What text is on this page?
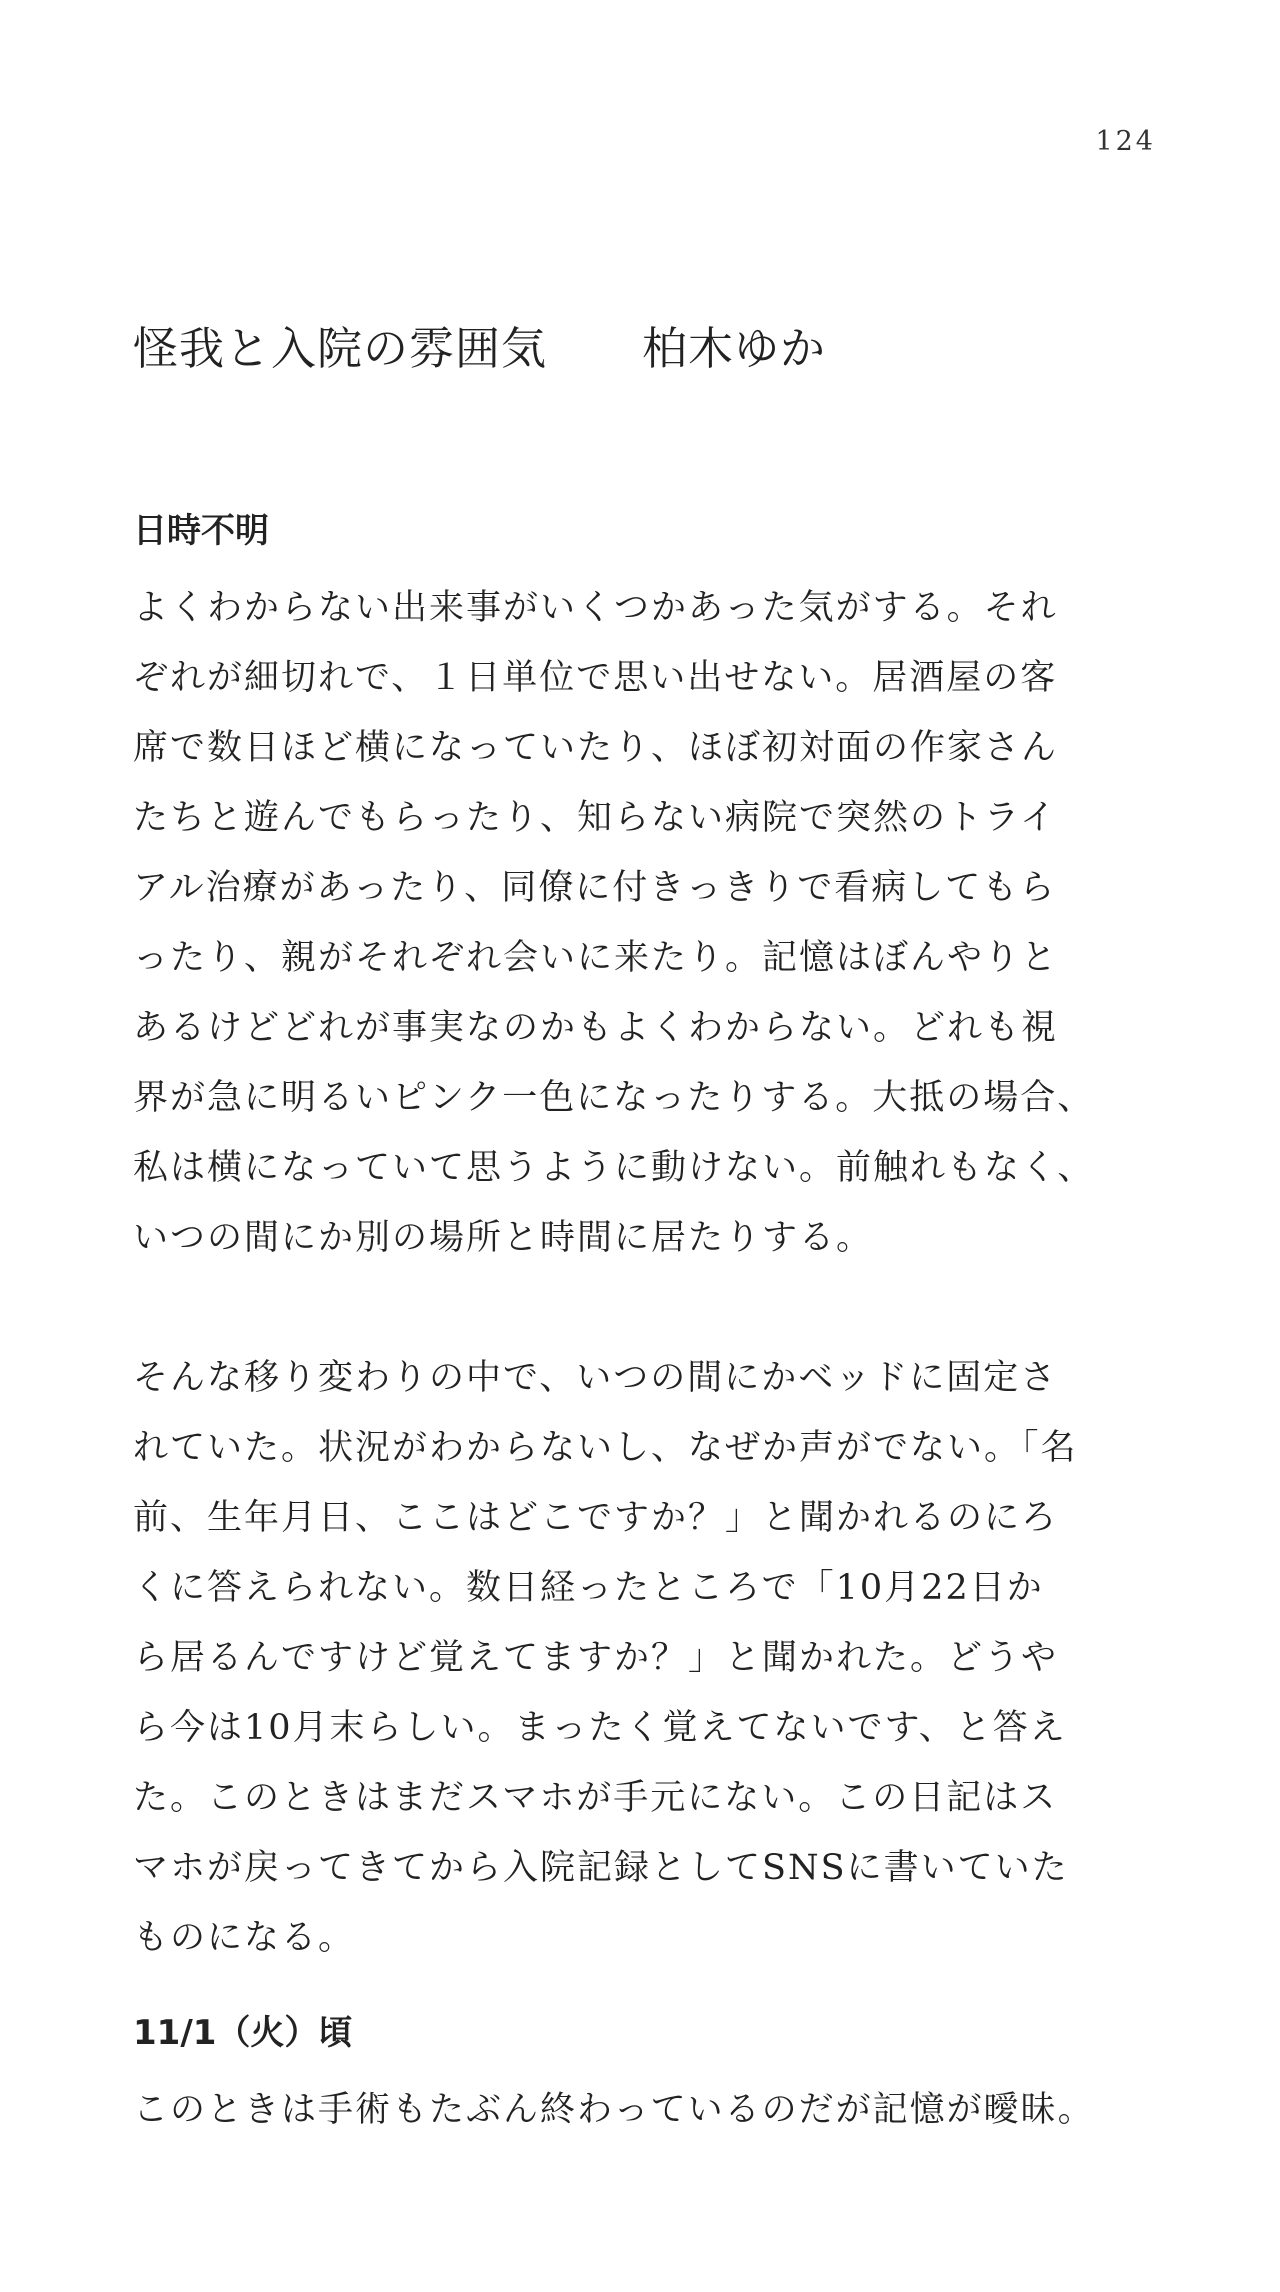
124
怪我と入院の雰囲気 柏木ゆか
日時不明

よくわからない出来事がいくつかあった気がする。それ
ぞれが細切れで、１日単位で思い出せない。居酒屋の客
席で数日ほど横になっていたり、ほぼ初対面の作家さん
たちと遊んでもらったり、知らない病院で突然のトライ
アル治療があったり、同僚に付きっきりで看病してもら
ったり、親がそれぞれ会いに来たり。記憶はぼんやりと
あるけどどれが事実なのかもよくわからない。どれも視
界が急に明るいピンク一色になったりする。大抵の場合、
私は横になっていて思うように動けない。前触れもなく、
いつの間にか別の場所と時間に居たりする。

そんな移り変わりの中で、いつの間にかベッドに固定さ
れていた。状況がわからないし、なぜか声がでない。「名
前、生年月日、ここはどこですか？」と聞かれるのにろ
くに答えられない。数日経ったところで「10月22日か
ら居るんですけど覚えてますか？」と聞かれた。どうや
ら今は10月末らしい。まったく覚えてないです、と答え
た。このときはまだスマホが手元にない。この日記はス
マホが戻ってきてから入院記録としてSNSに書いていた
ものになる。

11/1（火）頃

このときは手術もたぶん終わっているのだが記憶が曖昧。
